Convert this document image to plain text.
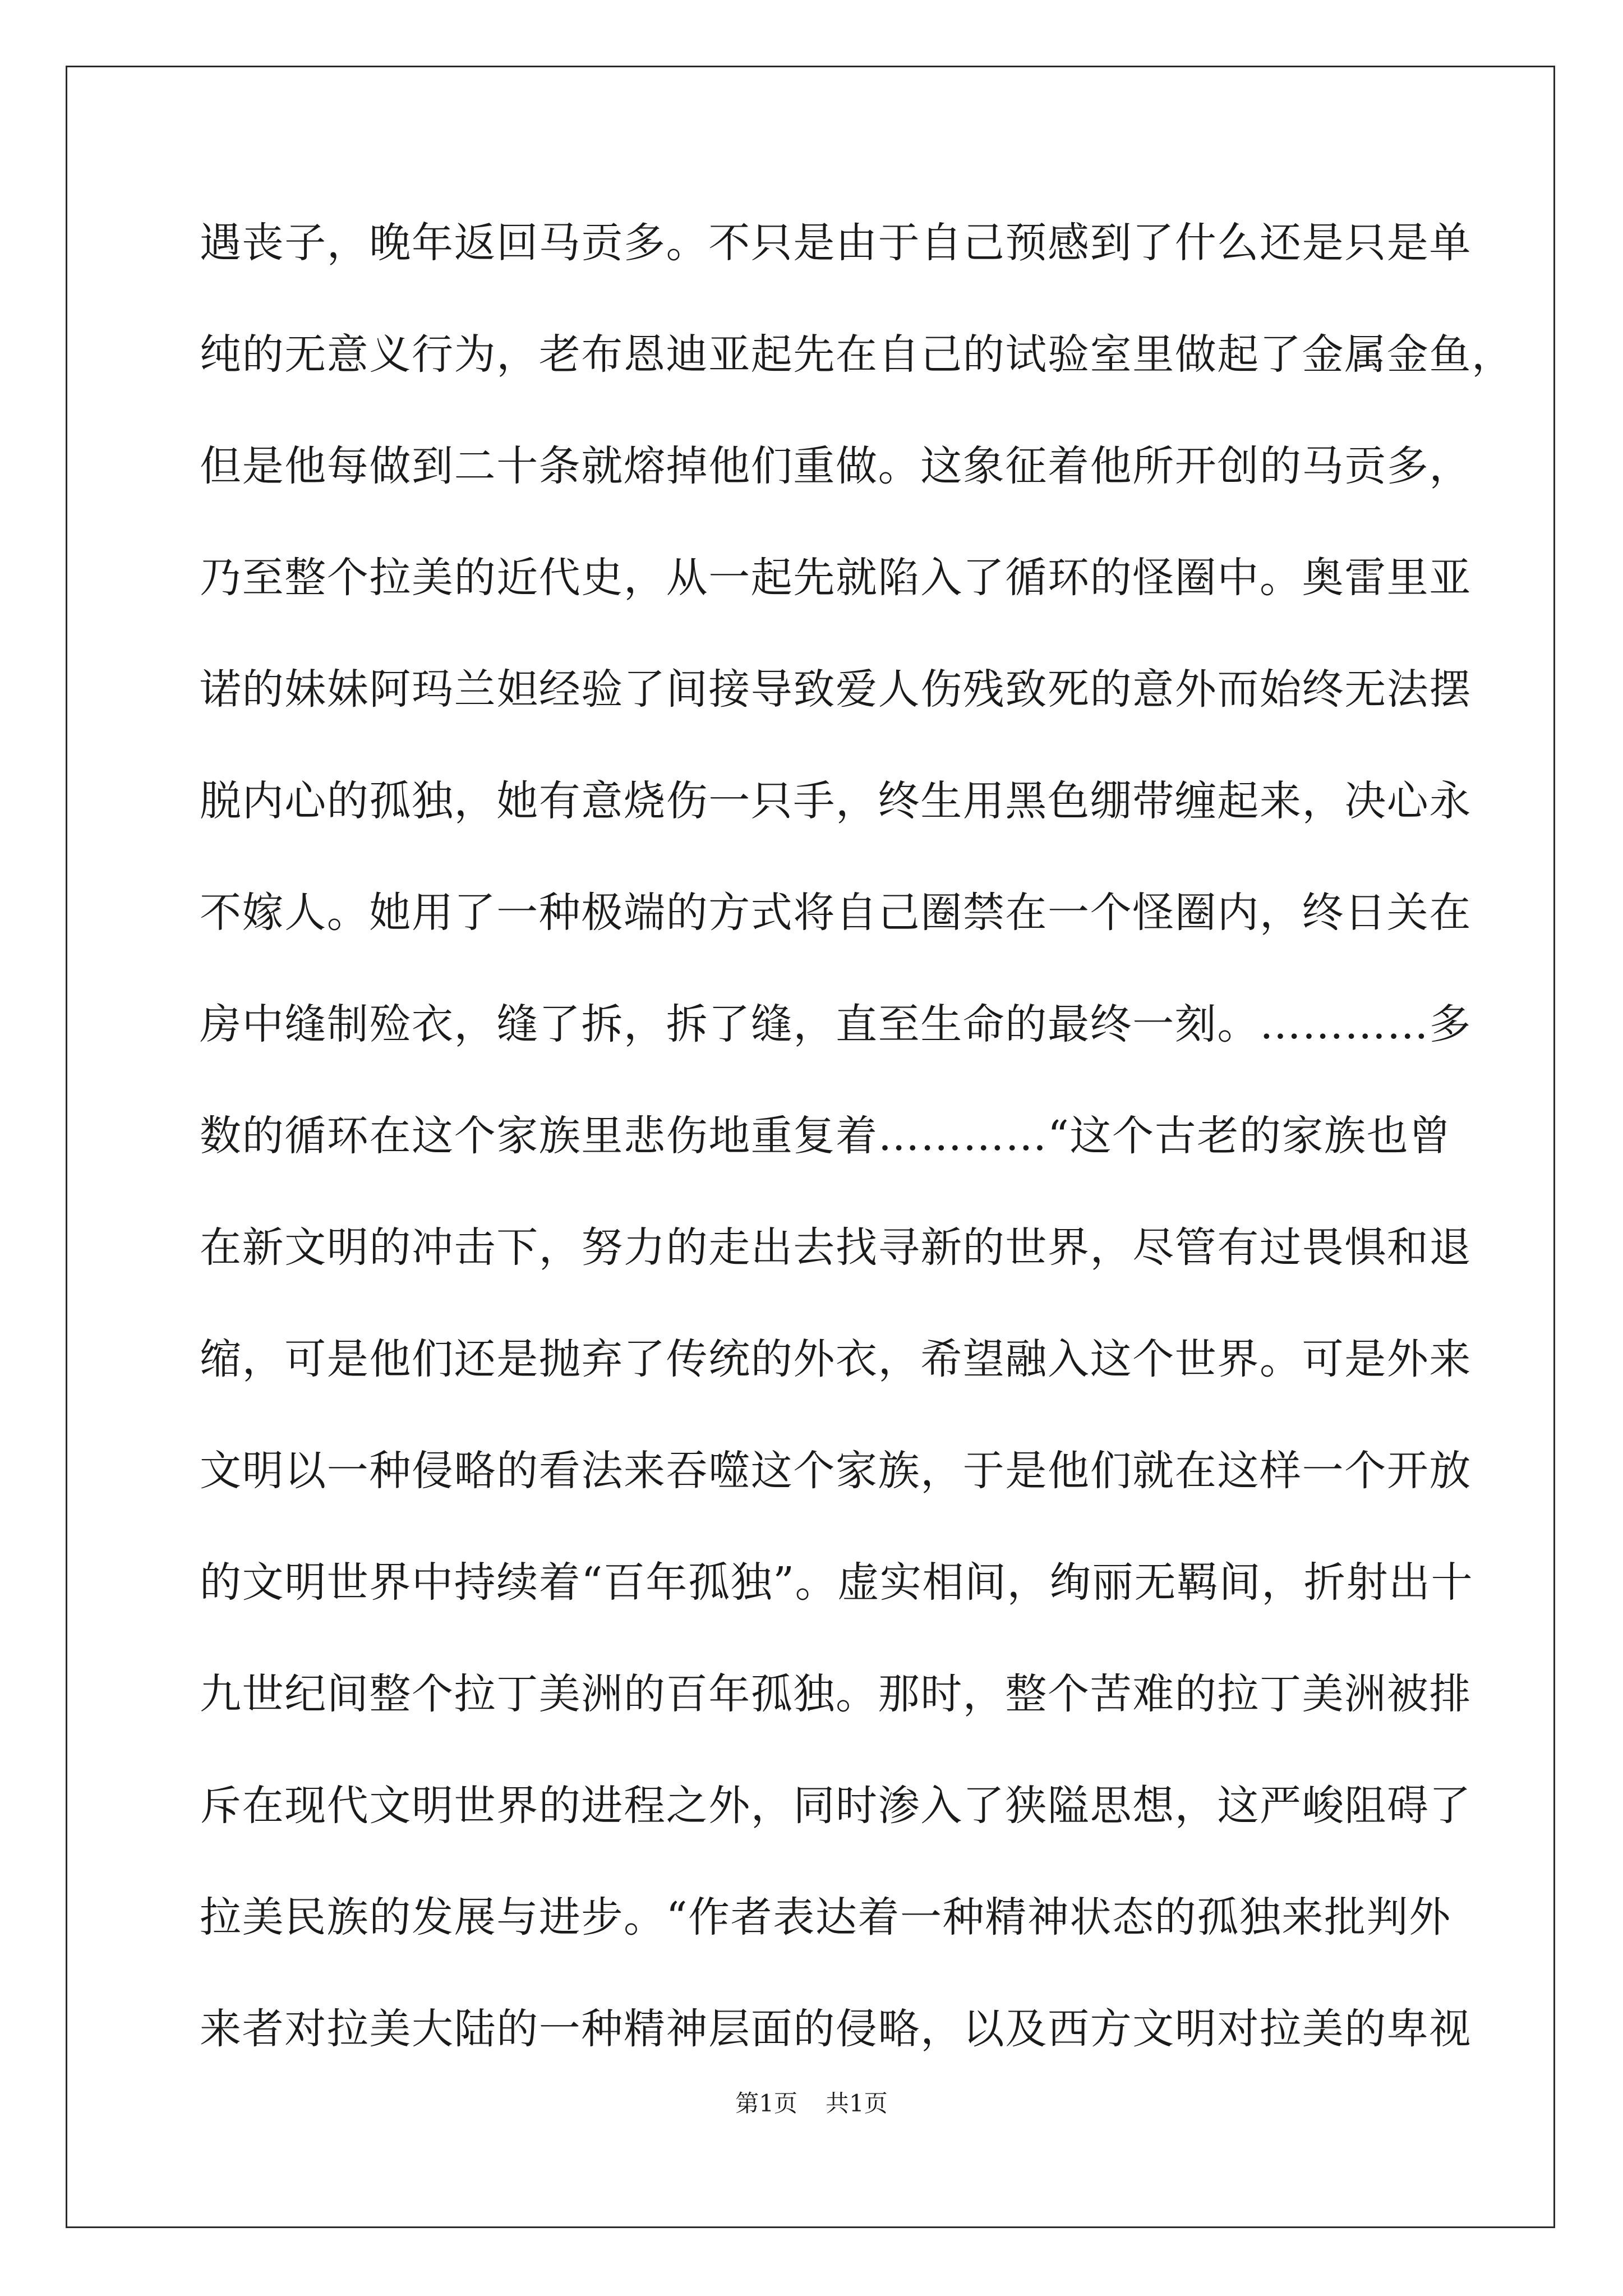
遇丧子，晚年返回马贡多。不只是由于自己预感到了什么还是只是单
纯的无意义行为，老布恩迪亚起先在自己的试验室里做起了金属金鱼，
但是他每做到二十条就熔掉他们重做。这象征着他所开创的马贡多，
乃至整个拉美的近代史，从一起先就陷入了循环的怪圈中。奥雷里亚
诺的妹妹阿玛兰妲经验了间接导致爱人伤残致死的意外而始终无法摆
脱内心的孤独，她有意烧伤一只手，终生用黑色绷带缠起来，决心永
不嫁人。她用了一种极端的方式将自己圈禁在一个怪圈内，终日关在
房中缝制殓衣，缝了拆，拆了缝，直至生命的最终一刻。…………多
数的循环在这个家族里悲伤地重复着…………“这个古老的家族也曾
在新文明的冲击下，努力的走出去找寻新的世界，尽管有过畏惧和退
缩，可是他们还是抛弃了传统的外衣，希望融入这个世界。可是外来
文明以一种侵略的看法来吞噬这个家族，于是他们就在这样一个开放
的文明世界中持续着“百年孤独”。虚实相间，绚丽无羁间，折射出十
九世纪间整个拉丁美洲的百年孤独。那时，整个苦难的拉丁美洲被排
斥在现代文明世界的进程之外，同时渗入了狭隘思想，这严峻阻碍了
拉美民族的发展与进步。“作者表达着一种精神状态的孤独来批判外
来者对拉美大陆的一种精神层面的侵略，以及西方文明对拉美的卑视
第1页 共1页
